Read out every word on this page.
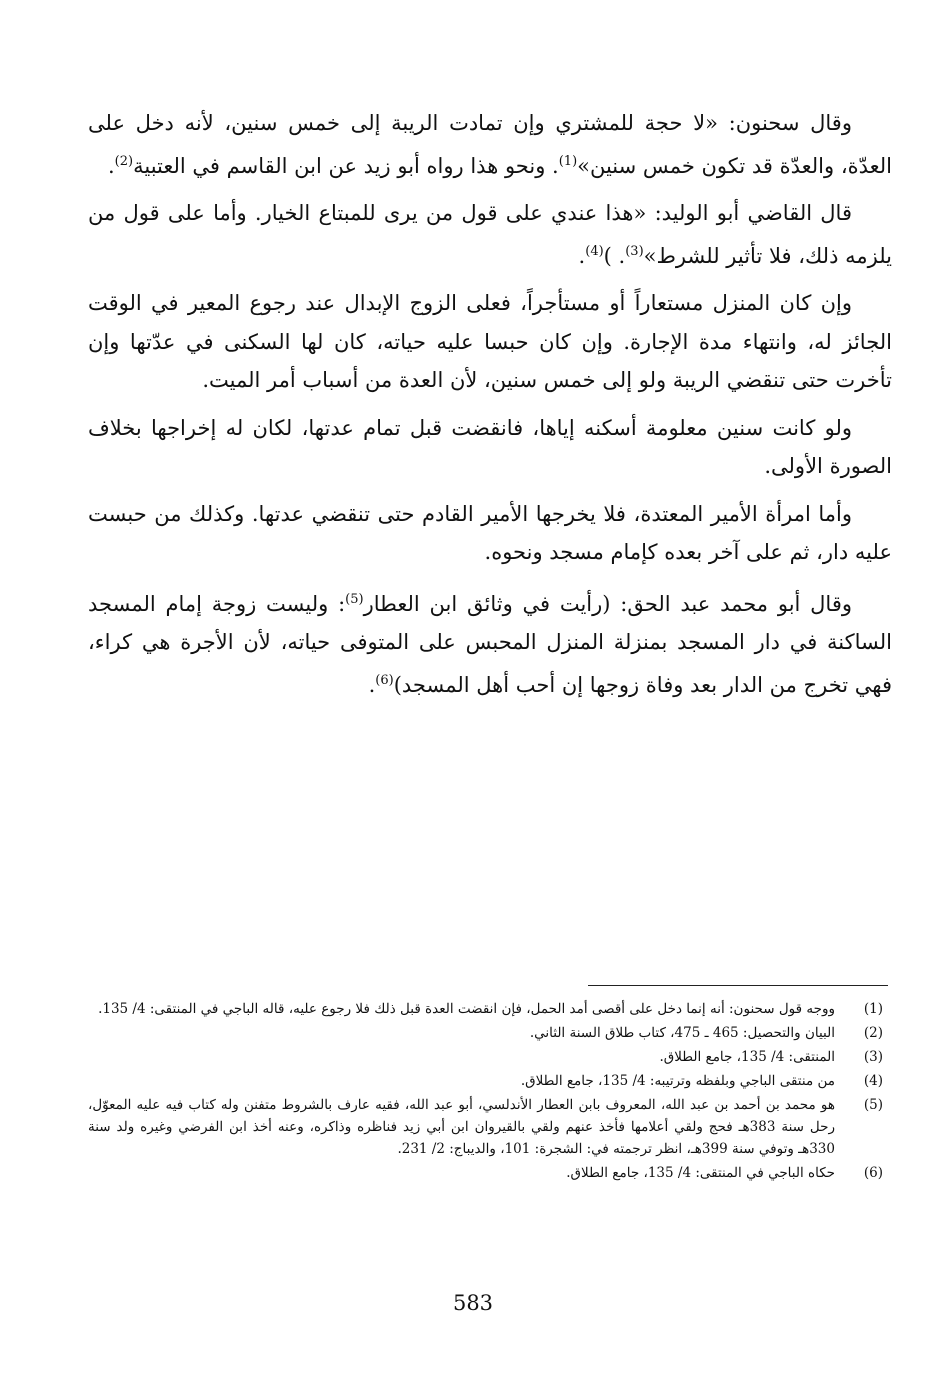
وقال سحنون: «لا حجة للمشتري وإن تمادت الريبة إلى خمس سنين، لأنه دخل على العدّة، والعدّة قد تكون خمس سنين»$^{(1)}$. ونحو هذا رواه أبو زيد عن ابن القاسم في العتبية$^{(2)}$.

قال القاضي أبو الوليد: «هذا عندي على قول من يرى للمبتاع الخيار. وأما على قول من يلزمه ذلك، فلا تأثير للشرط»$^{(3)}$. )$^{(4)}$.

وإن كان المنزل مستعاراً أو مستأجراً، فعلى الزوج الإبدال عند رجوع المعير في الوقت الجائز له، وانتهاء مدة الإجارة. وإن كان حبسا عليه حياته، كان لها السكنى في عدّتها وإن تأخرت حتى تنقضي الريبة ولو إلى خمس سنين، لأن العدة من أسباب أمر الميت.

ولو كانت سنين معلومة أسكنه إياها، فانقضت قبل تمام عدتها، لكان له إخراجها بخلاف الصورة الأولى.

وأما امرأة الأمير المعتدة، فلا يخرجها الأمير القادم حتى تنقضي عدتها. وكذلك من حبست عليه دار، ثم على آخر بعده كإمام مسجد ونحوه.

وقال أبو محمد عبد الحق: (رأيت في وثائق ابن العطار$^{(5)}$: وليست زوجة إمام المسجد الساكنة في دار المسجد بمنزلة المنزل المحبس على المتوفى حياته، لأن الأجرة هي كراء، فهي تخرج من الدار بعد وفاة زوجها إن أحب أهل المسجد)$^{(6)}$.

(1)
ووجه قول سحنون: أنه إنما دخل على أقصى أمد الحمل، فإن انقضت العدة قبل ذلك فلا رجوع عليه، قاله الباجي في المنتقى: 4/ 135.
(2)
البيان والتحصيل: 465 ـ 475، كتاب طلاق السنة الثاني.
(3)
المنتقى: 4/ 135، جامع الطلاق.
(4)
من منتقى الباجي وبلفظه وترتيبه: 4/ 135، جامع الطلاق.
(5)
هو محمد بن أحمد بن عبد الله، المعروف بابن العطار الأندلسي، أبو عبد الله، فقيه عارف بالشروط متفنن وله كتاب فيه عليه المعوّل، رحل سنة 383هـ فحج ولقي أعلامها فأخذ عنهم ولقي بالقيروان ابن أبي زيد فناظره وذاكره، وعنه أخذ ابن الفرضي وغيره ولد سنة 330هـ وتوفي سنة 399هـ، انظر ترجمته في: الشجرة: 101، والديباج: 2/ 231.
(6)
حكاه الباجي في المنتقى: 4/ 135، جامع الطلاق.
583
